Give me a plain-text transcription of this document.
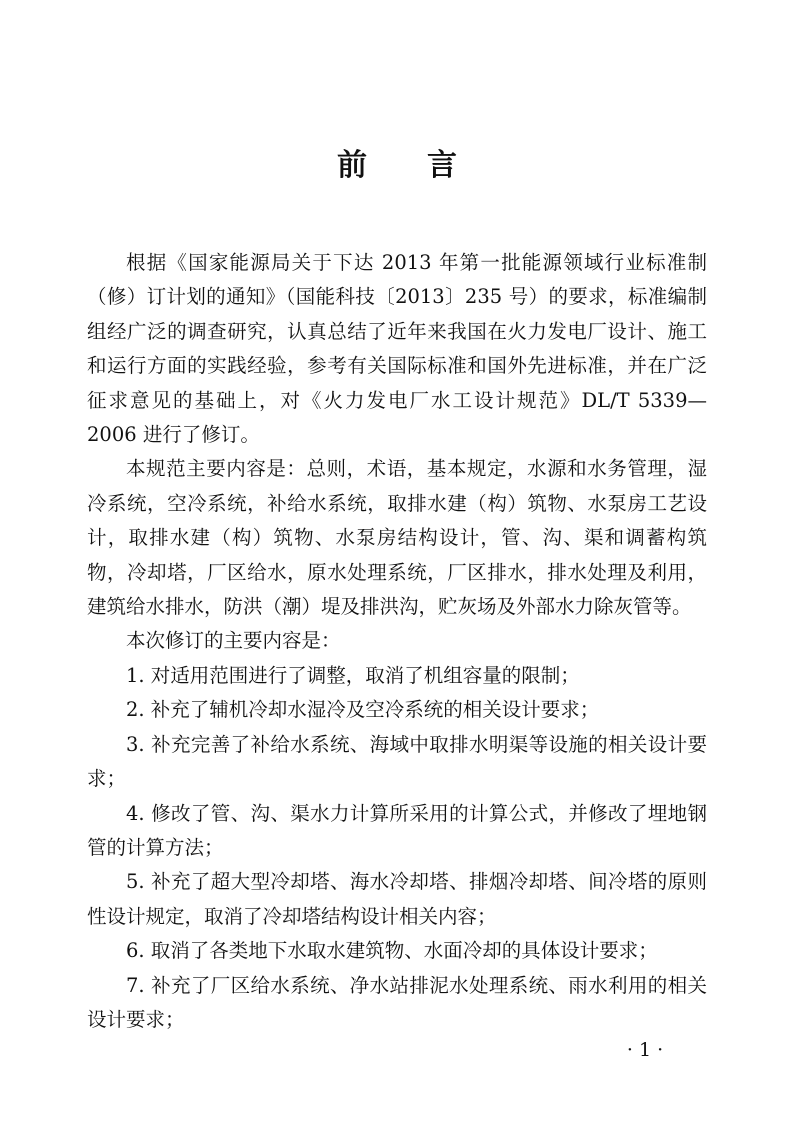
前 言

根据《国家能源局关于下达 2013 年第一批能源领域行业标准制（修）订计划的通知》（国能科技〔2013〕235 号）的要求，标准编制组经广泛的调查研究，认真总结了近年来我国在火力发电厂设计、施工和运行方面的实践经验，参考有关国际标准和国外先进标准，并在广泛征求意见的基础上，对《火力发电厂水工设计规范》DL/T 5339—2006 进行了修订。

本规范主要内容是：总则，术语，基本规定，水源和水务管理，湿冷系统，空冷系统，补给水系统，取排水建（构）筑物、水泵房工艺设计，取排水建（构）筑物、水泵房结构设计，管、沟、渠和调蓄构筑物，冷却塔，厂区给水，原水处理系统，厂区排水，排水处理及利用，建筑给水排水，防洪（潮）堤及排洪沟，贮灰场及外部水力除灰管等。

本次修订的主要内容是：

1. 对适用范围进行了调整，取消了机组容量的限制；

2. 补充了辅机冷却水湿冷及空冷系统的相关设计要求；

3. 补充完善了补给水系统、海域中取排水明渠等设施的相关设计要求；

4. 修改了管、沟、渠水力计算所采用的计算公式，并修改了埋地钢管的计算方法；

5. 补充了超大型冷却塔、海水冷却塔、排烟冷却塔、间冷塔的原则性设计规定，取消了冷却塔结构设计相关内容；

6. 取消了各类地下水取水建筑物、水面冷却的具体设计要求；

7. 补充了厂区给水系统、净水站排泥水处理系统、雨水利用的相关设计要求；

· 1 ·
